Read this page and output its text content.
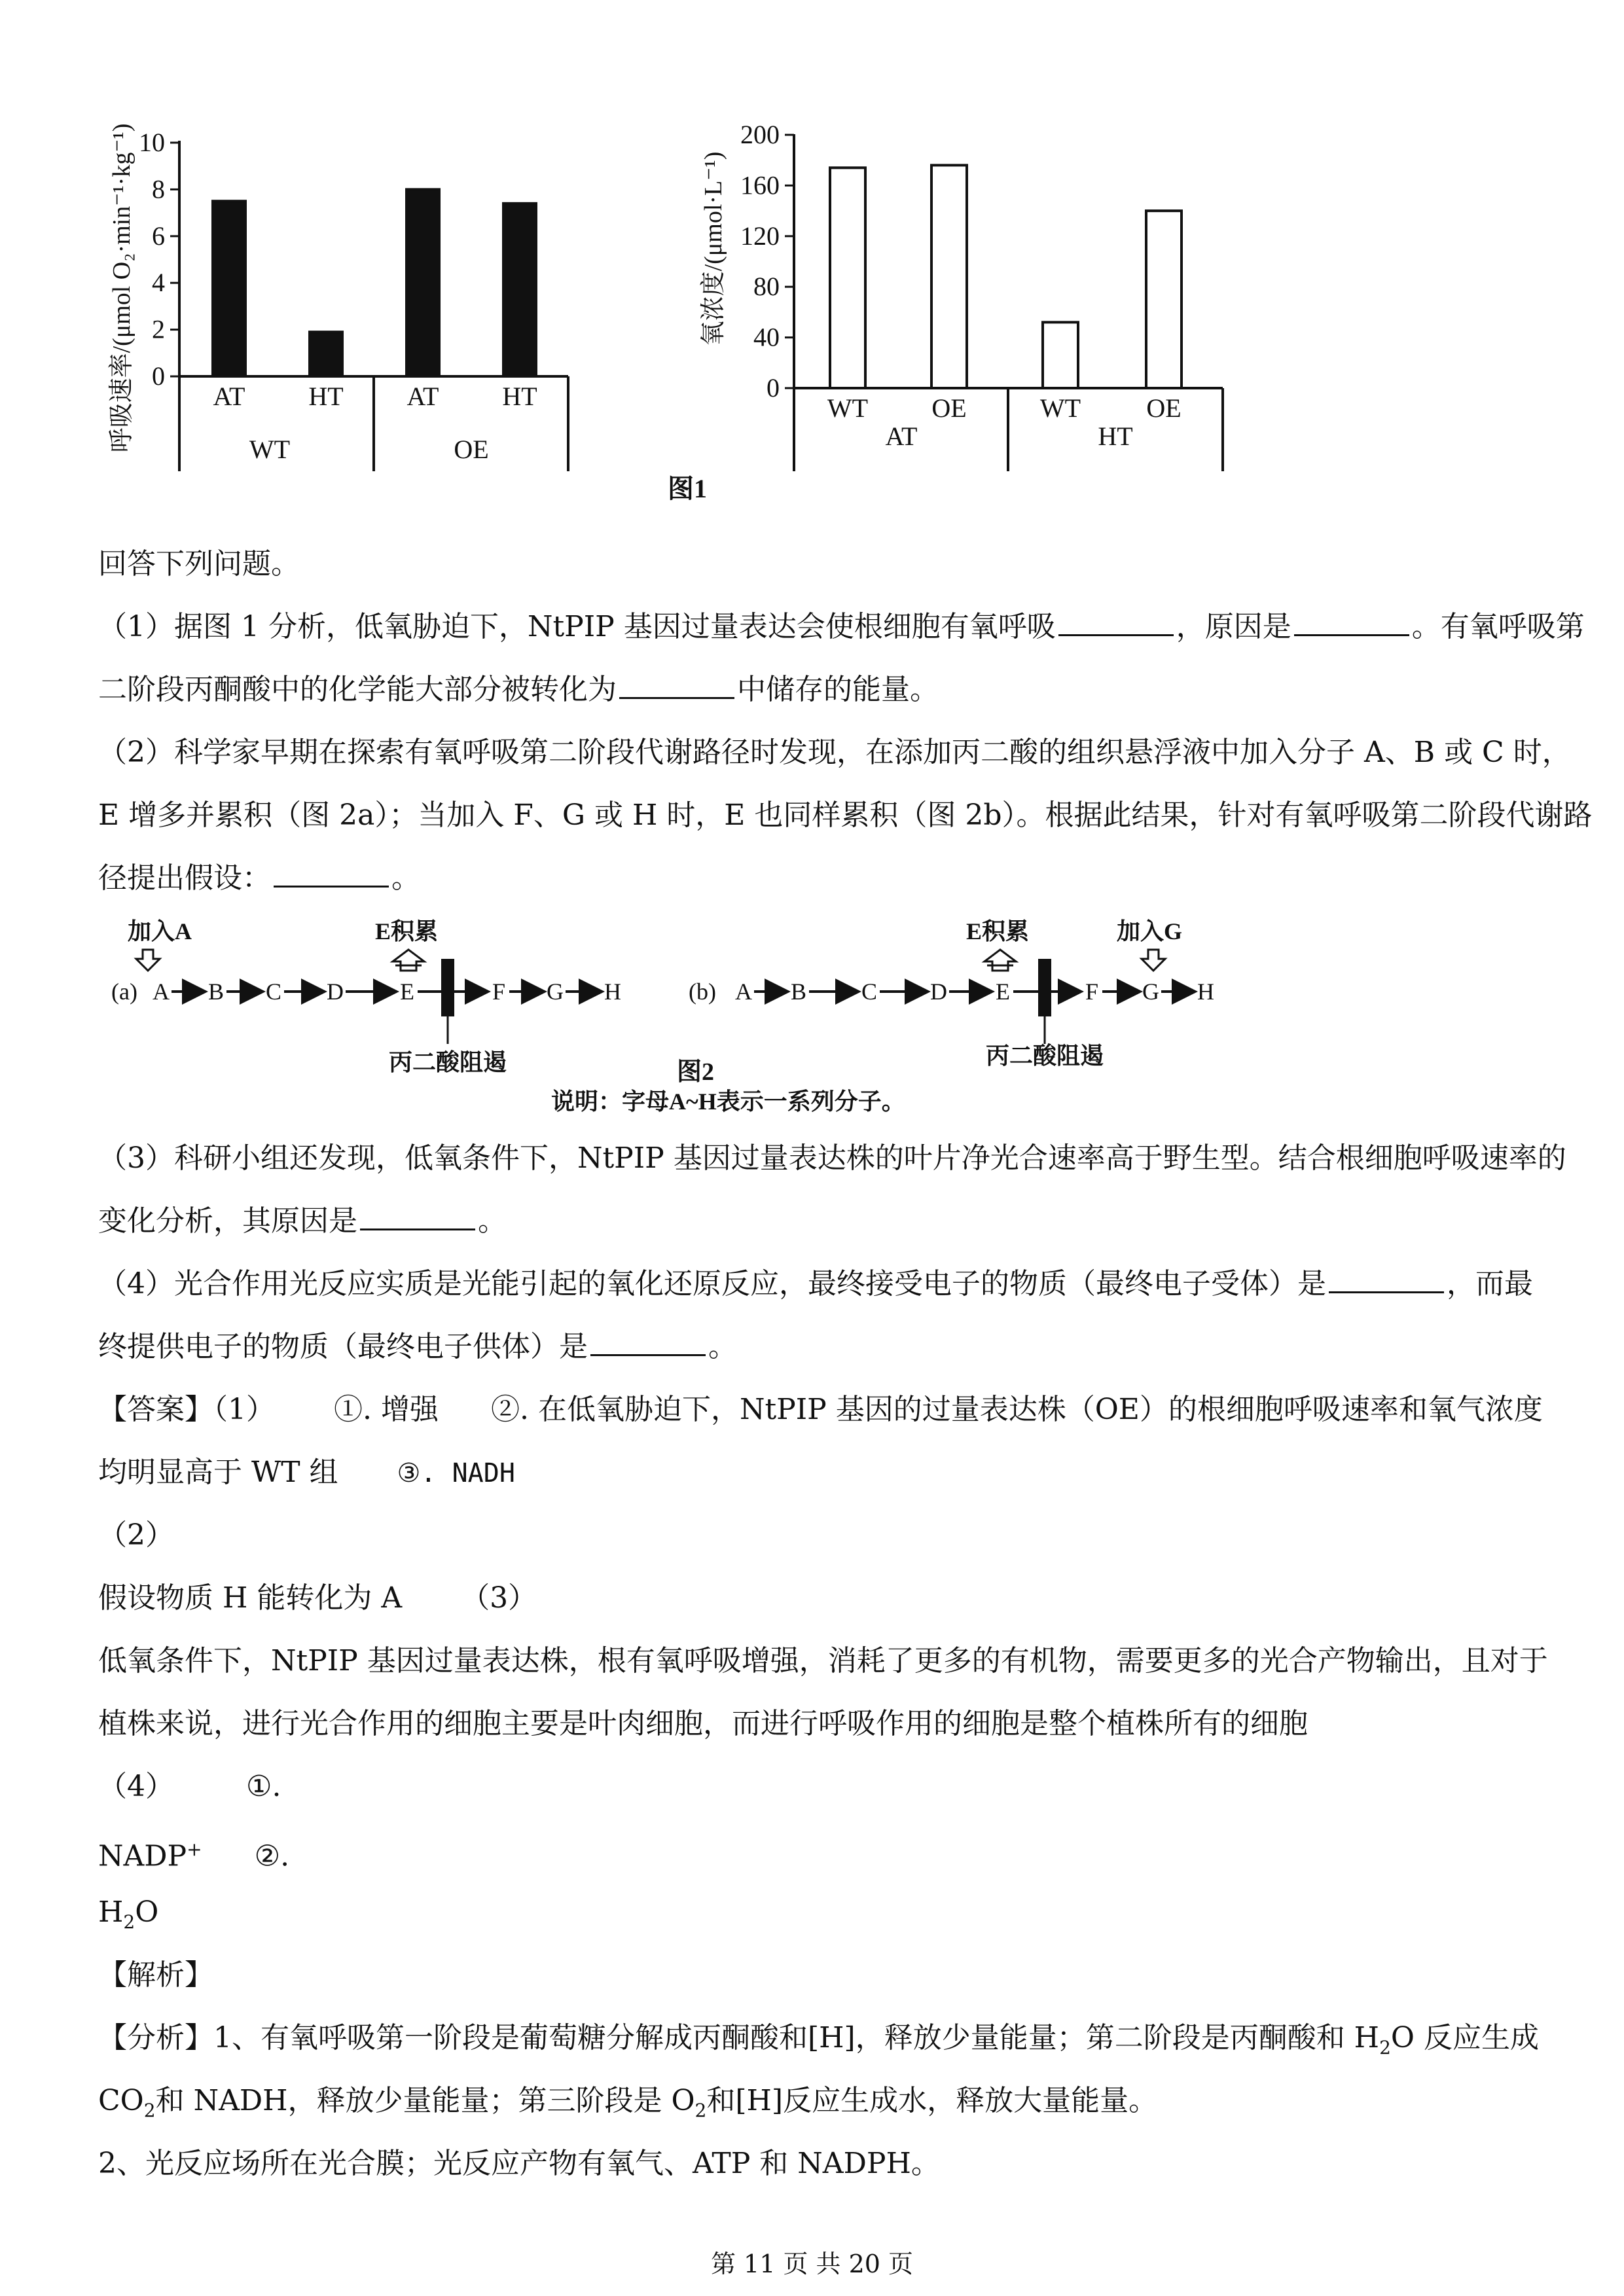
呼吸速率/(μmol O₂·min⁻¹·kg⁻¹) 0
2
4
6
8
10
AT HT AT HT
WT	OE
氧浓度/(μmol·L⁻¹)
0
40
80
120
160
200
WT OE	WT	OE
AT	HT
图1
回答下列问题。
（1）据图 1 分析，低氧胁迫下，NtPIP 基因过量表达会使根细胞有氧呼吸	，原因是	。有氧呼吸第
二阶段丙酮酸中的化学能大部分被转化为	中储存的能量。
（2）科学家早期在探索有氧呼吸第二阶段代谢路径时发现，在添加丙二酸的组织悬浮液中加入分子 A、B 或 C 时，
E 增多并累积（图 2a）；当加入 F、G 或 H 时，E 也同样累积（图 2b）。根据此结果，针对有氧呼吸第二阶段代谢路
径提出假设：	。
加入A	E积累
(a) A B C D E	F G H
丙二酸阻遏
E积累	加入G
(b) A B C D E	F G H
丙二酸阻遏
图2
说明：字母A~H表示一系列分子。
（3）科研小组还发现，低氧条件下，NtPIP 基因过量表达株的叶片净光合速率高于野生型。结合根细胞呼吸速率的
变化分析，其原因是	。
（4）光合作用光反应实质是光能引起的氧化还原反应，最终接受电子的物质（最终电子受体）是	，而最
终提供电子的物质（最终电子供体）是	。
【答案】（1） ①. 增强 ②. 在低氧胁迫下，NtPIP 基因的过量表达株（OE）的根细胞呼吸速率和氧气浓度
均明显高于 WT 组 ③. NADH
（2）
假设物质 H 能转化为 A （3）
低氧条件下，NtPIP 基因过量表达株，根有氧呼吸增强，消耗了更多的有机物，需要更多的光合产物输出，且对于
植株来说，进行光合作用的细胞主要是叶肉细胞，而进行呼吸作用的细胞是整个植株所有的细胞
（4）	①.
NADP+ ②.
$H_2O$
【解析】
【分析】1、有氧呼吸第一阶段是葡萄糖分解成丙酮酸和[H]，释放少量能量；第二阶段是丙酮酸和 $H_2O$ 反应生成
$CO_2$和 NADH，释放少量能量；第三阶段是 $O_2$和[H]反应生成水，释放大量能量。
2、光反应场所在光合膜；光反应产物有氧气、ATP 和 NADPH。
第 11 页 共 20 页
